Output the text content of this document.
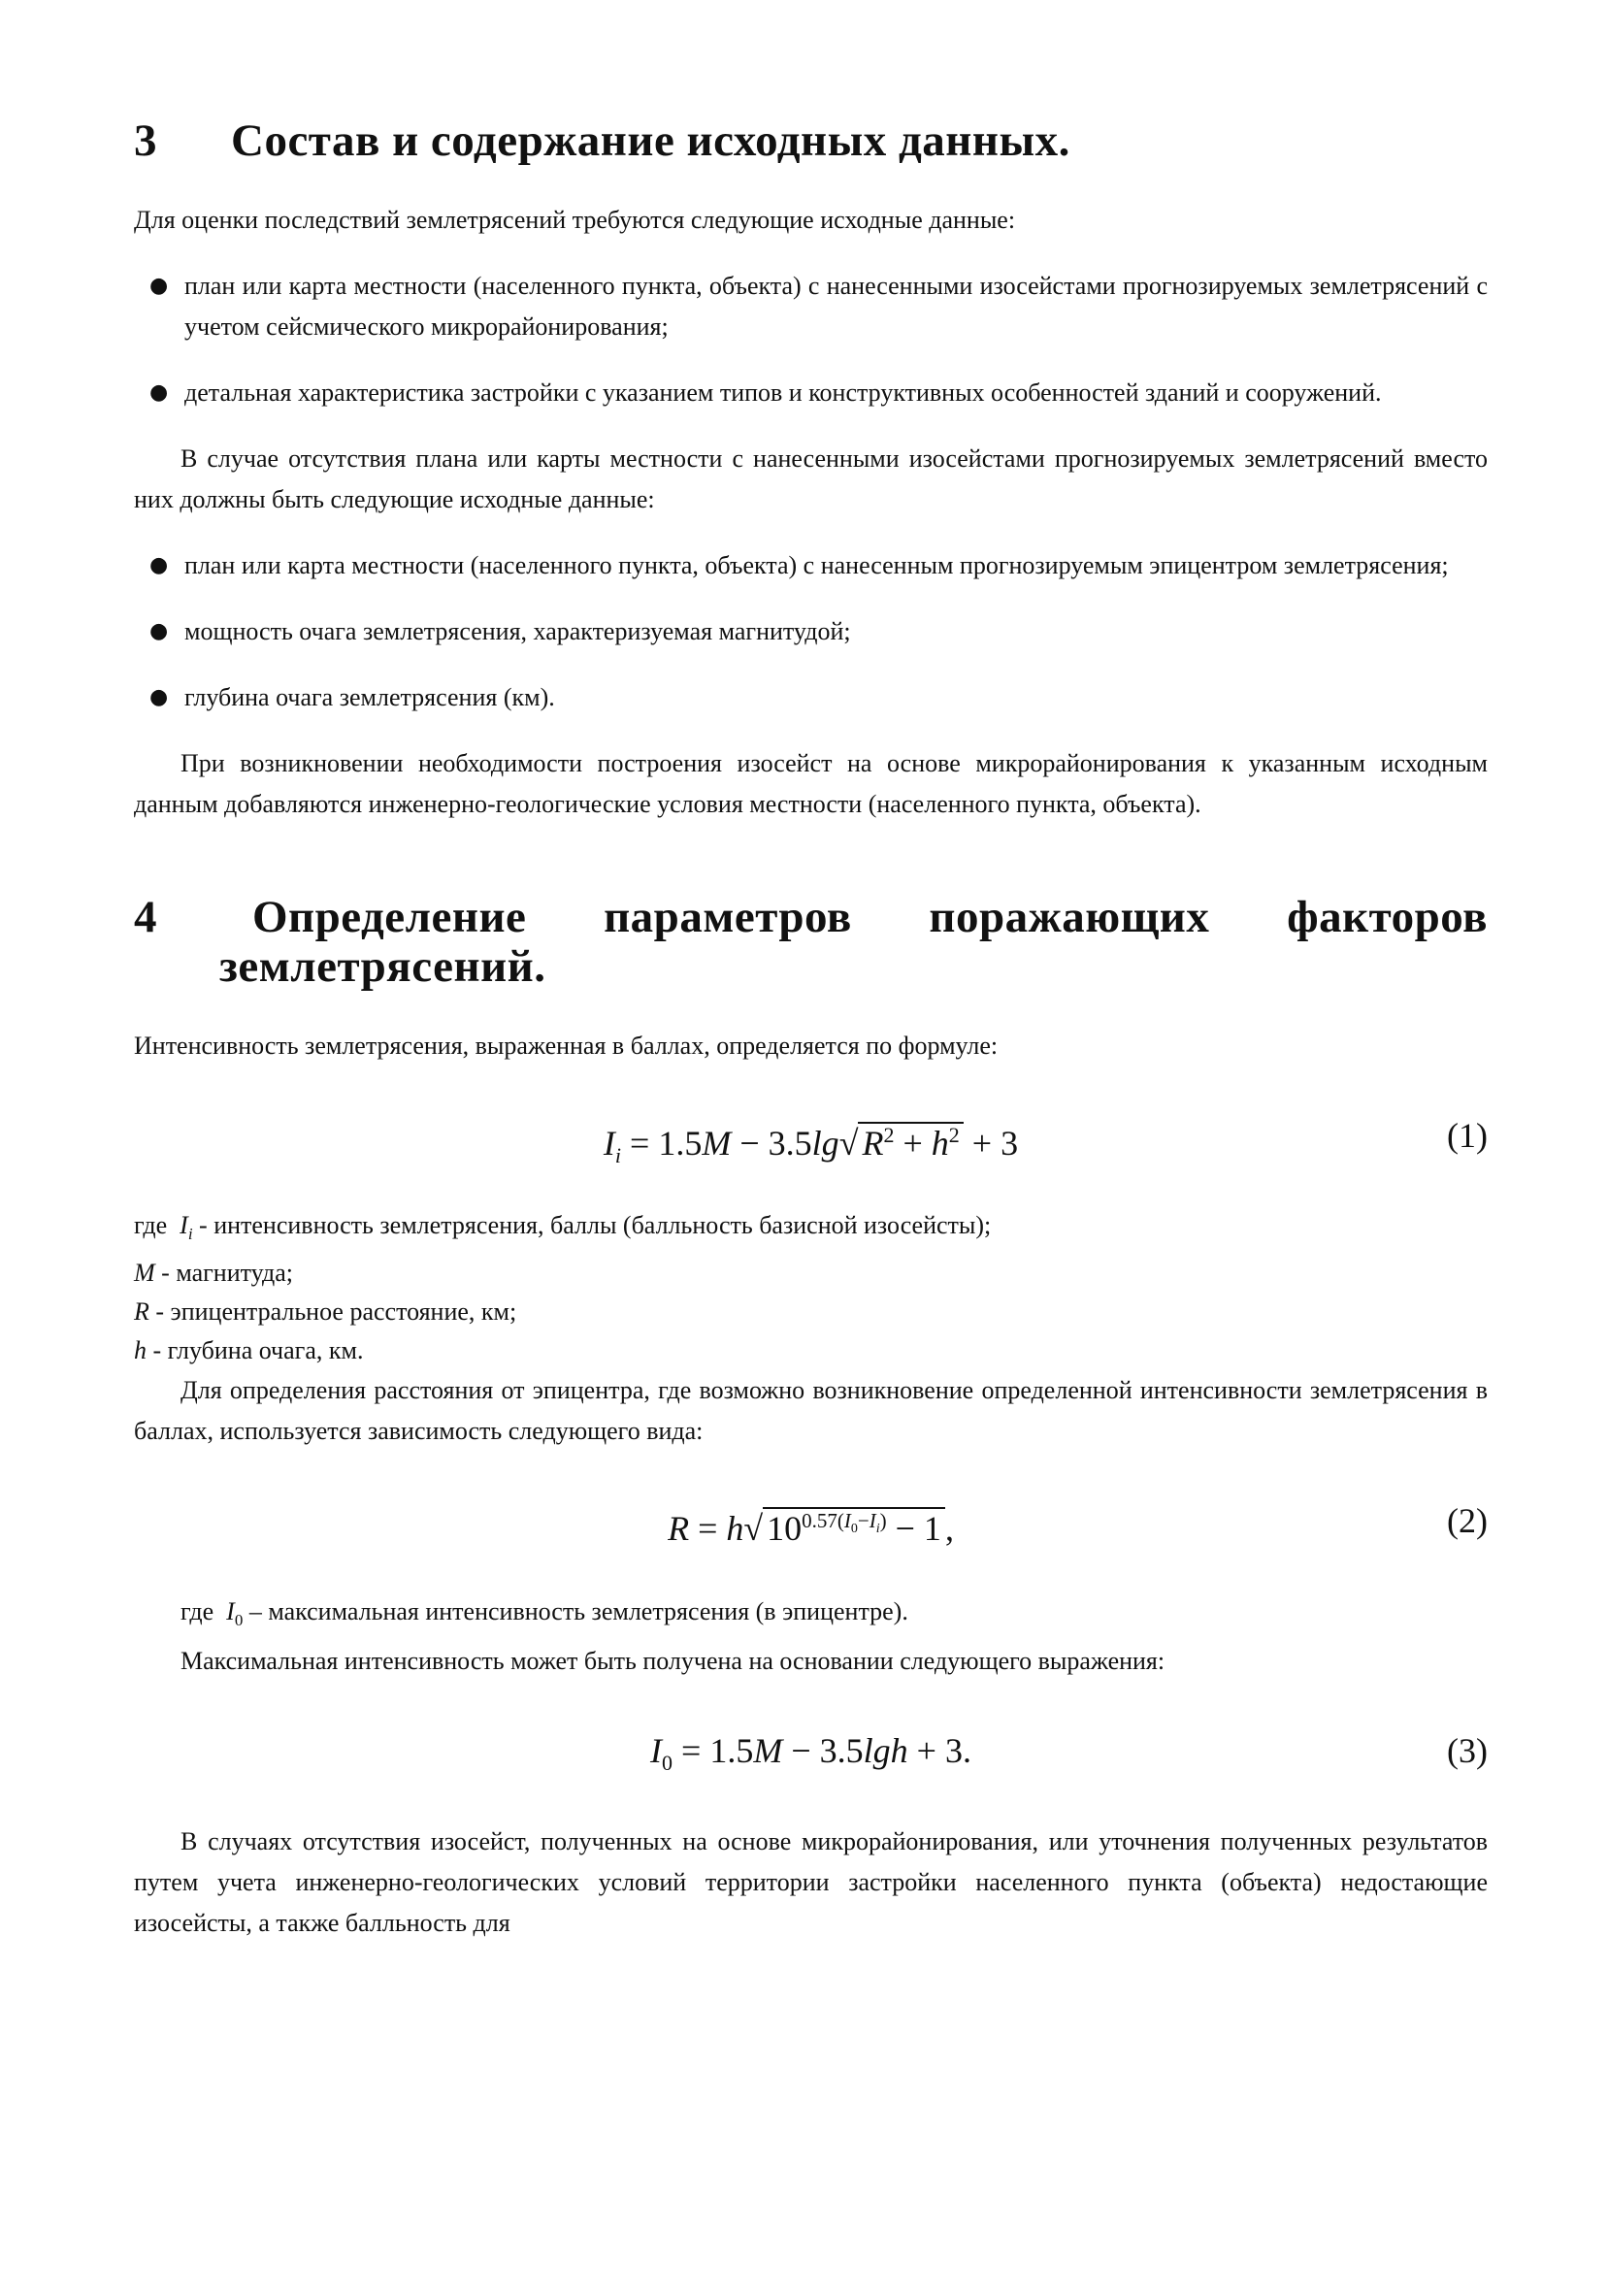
3	Состав и содержание исходных данных.

Для оценки последствий землетрясений требуются следующие исходные данные:

● план или карта местности (населенного пункта, объекта) с нанесенными изосейстами прогнозируемых землетрясений с учетом сейсмического микрорайонирования;
● детальная характеристика застройки с указанием типов и конструктивных особенностей зданий и сооружений.

В случае отсутствия плана или карты местности с нанесенными изосейстами прогнозируемых землетрясений вместо них должны быть следующие исходные данные:

● план или карта местности (населенного пункта, объекта) с нанесенным прогнозируемым эпицентром землетрясения;
● мощность очага землетрясения, характеризуемая магнитудой;
● глубина очага землетрясения (км).

При возникновении необходимости построения изосейст на основе микрорайонирования к указанным исходным данным добавляются инженерно-геологические условия местности (населенного пункта, объекта).

4	Определение параметров поражающих факторов
землетрясений.

Интенсивность землетрясения, выраженная в баллах, определяется по формуле:

$I_i = 1.5M - 3.5\lg√$ $R^2 + h^2 + 3$	(1)

где  $I_i$ - интенсивность землетрясения, баллы (балльность базисной изосейсты);

M - магнитуда;

R - эпицентральное расстояние, км;

h - глубина очага, км.

Для определения расстояния от эпицентра, где возможно возникновение определенной интенсивности землетрясения в баллах, используется зависимость следующего вида:

R = h√ $10^{0.57(I_0-I_i)} - 1$ ,	(2)

где  $I_0$ – максимальная интенсивность землетрясения (в эпицентре).

Максимальная интенсивность может быть получена на основании следующего выражения:

$I_0 = 1.5M - 3.5\lg h + 3$.	(3)

В случаях отсутствия изосейст, полученных на основе микрорайонирования, или уточнения полученных результатов путем учета инженерно-геологических условий территории застройки населенного пункта (объекта) недостающие изосейсты, а также балльность для
